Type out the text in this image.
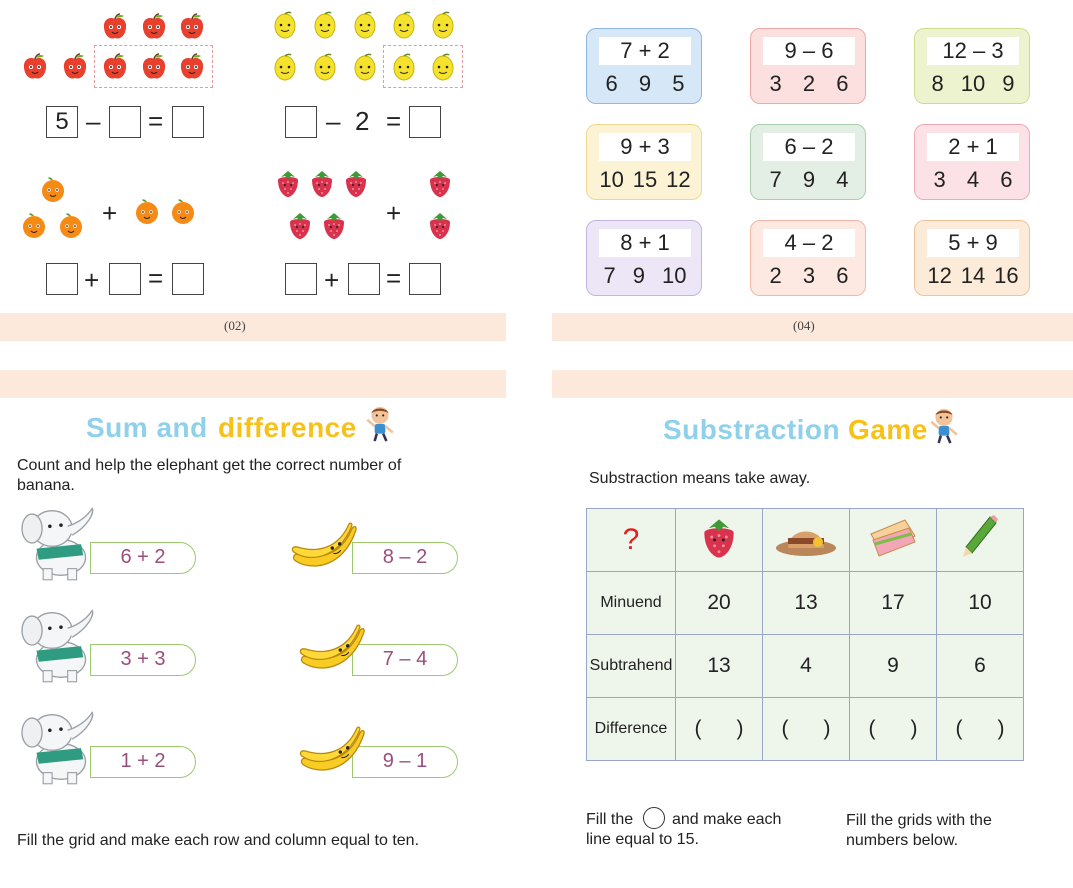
5 – =	– 2 =
+	+
+ =	+ =
(02)
7 + 2
6 9 5
9 – 6
3 2 6
12 – 3
8 10 9
9 + 3
10 15 12
6 – 2
7 9 4
2 + 1
3 4 6
8 + 1
7 9 10
4 – 2
2 3 6
5 + 9
12 14 16
(04)
Sum and difference
Count and help the elephant get the correct number of banana.
6 + 2
3 + 3
1 + 2
8 – 2
7 – 4
9 – 1
Fill the grid and make each row and column equal to ten.
Substraction Game
Substraction means take away.
?				
Minuend	20	13	17	10
Subtrahend	13	4	9	6
Difference	(      )	(      )	(      )	(      )
Fill the and make each
line equal to 15.
Fill the grids with the numbers below.
